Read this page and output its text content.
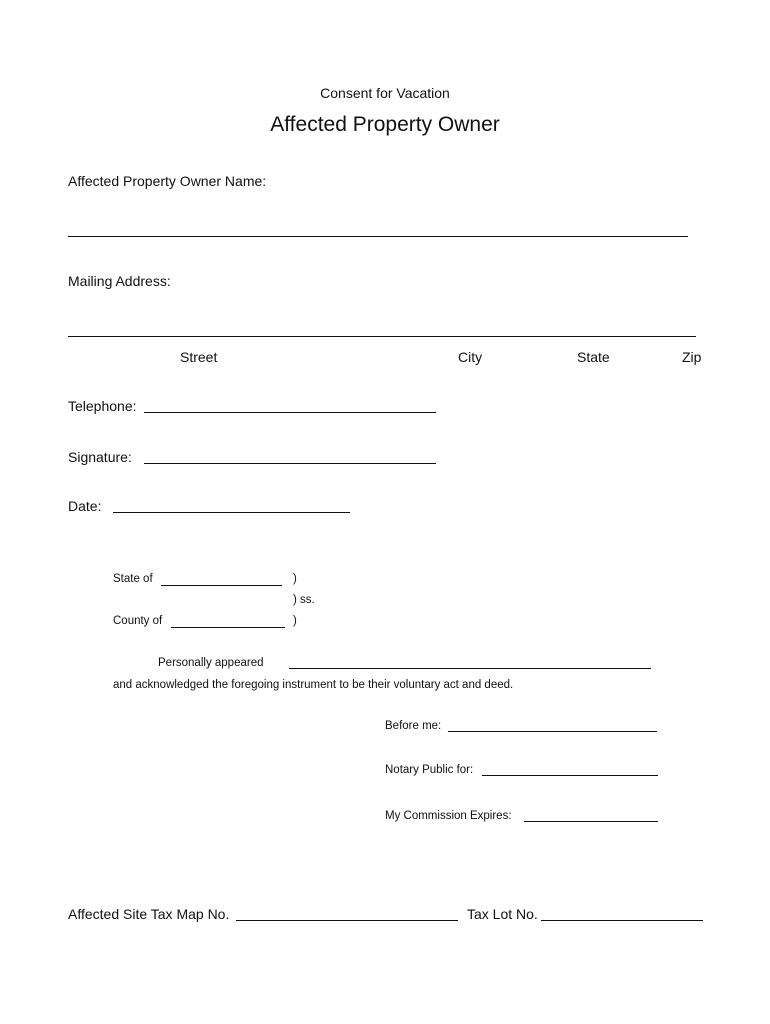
Consent for Vacation
Affected Property Owner
Affected Property Owner Name:
Mailing Address:
Street	City	State	Zip
Telephone:
Signature:
Date:
State of	)
) ss.
County of	)
Personally appeared
and acknowledged the foregoing instrument to be their voluntary act and deed.
Before me:
Notary Public for:
My Commission Expires:
Affected Site Tax Map No.	Tax Lot No.
